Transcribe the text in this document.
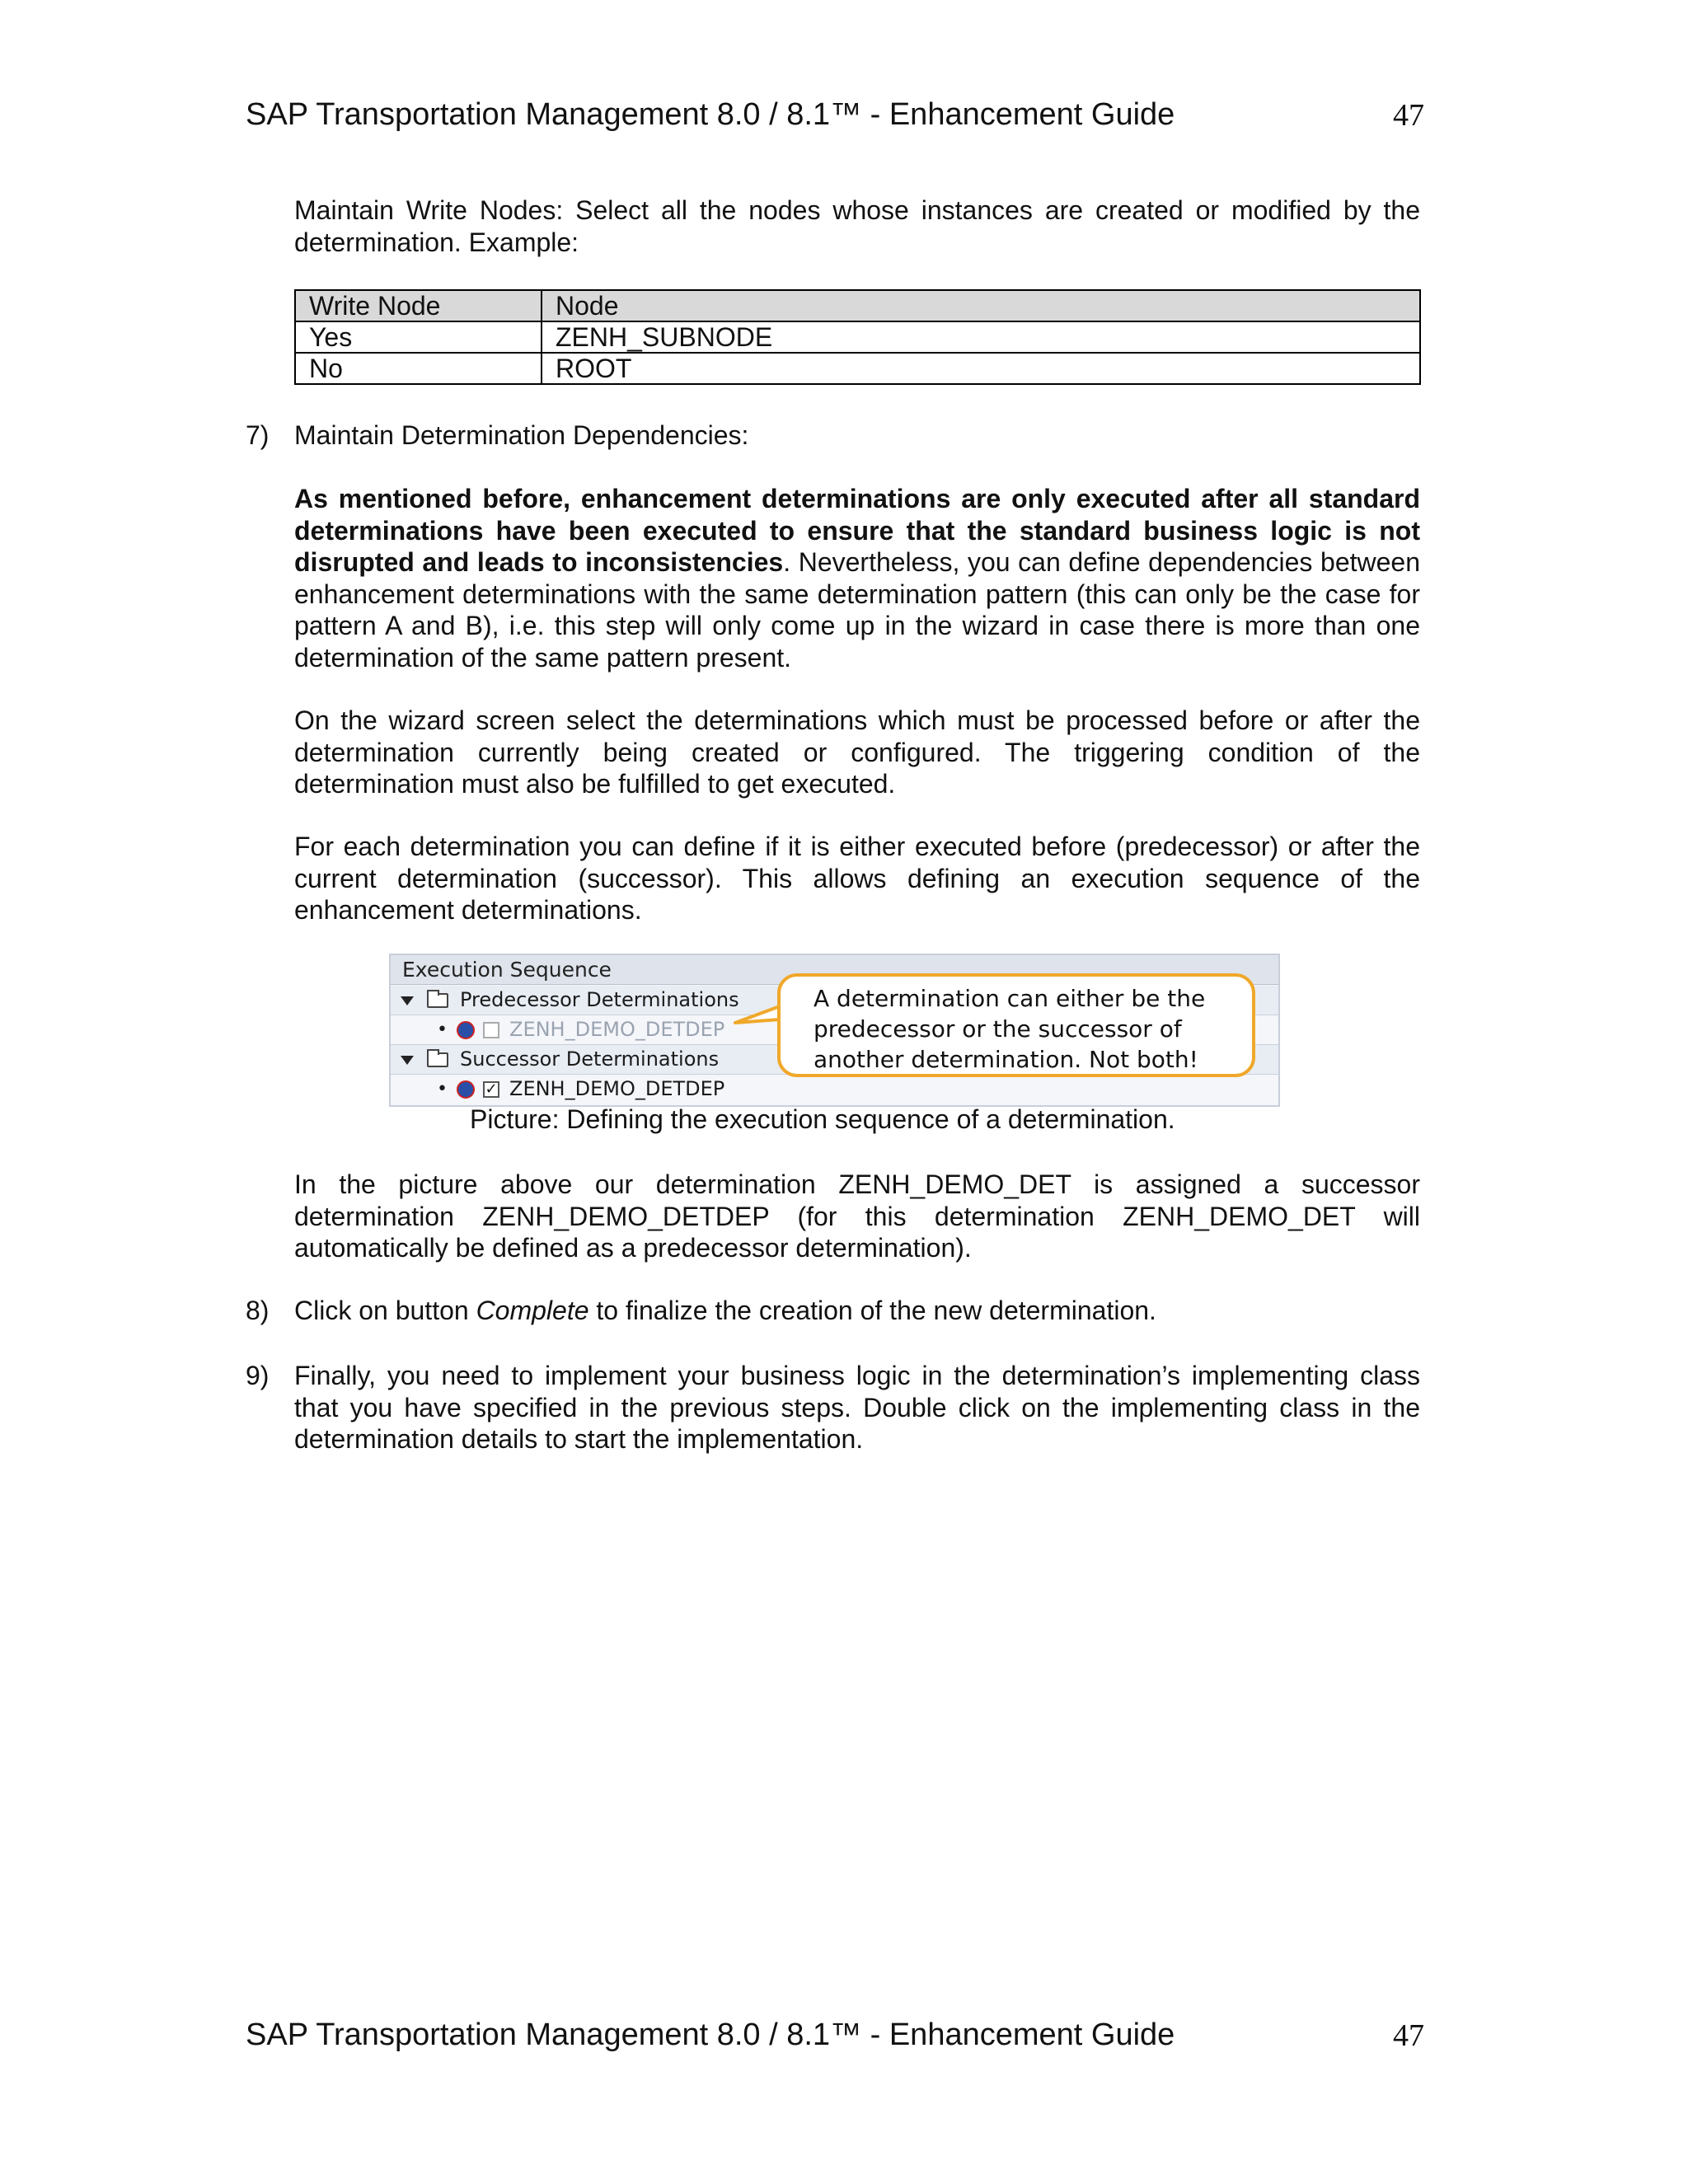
SAP Transportation Management 8.0 / 8.1™ - Enhancement Guide	47
Maintain Write Nodes: Select all the nodes whose instances are created or modified by the determination. Example:
Write Node	Node
Yes	ZENH_SUBNODE
No	ROOT
7) Maintain Determination Dependencies:
As mentioned before, enhancement determinations are only executed after all standard determinations have been executed to ensure that the standard business logic is not disrupted and leads to inconsistencies. Nevertheless, you can define dependencies between enhancement determinations with the same determination pattern (this can only be the case for pattern A and B), i.e. this step will only come up in the wizard in case there is more than one determination of the same pattern present.
On the wizard screen select the determinations which must be processed before or after the determination currently being created or configured. The triggering condition of the determination must also be fulfilled to get executed.
For each determination you can define if it is either executed before (predecessor) or after the current determination (successor). This allows defining an execution sequence of the enhancement determinations.
Execution Sequence
Predecessor Determinations
•	ZENH_DEMO_DETDEP
Successor Determinations
•	✓ ZENH_DEMO_DETDEP
A determination can either be the
predecessor or the successor of
another determination. Not both!
Picture: Defining the execution sequence of a determination.
In the picture above our determination ZENH_DEMO_DET is assigned a successor determination ZENH_DEMO_DETDEP (for this determination ZENH_DEMO_DET will automatically be defined as a predecessor determination).
8) Click on button Complete to finalize the creation of the new determination.
9) Finally, you need to implement your business logic in the determination’s implementing class that you have specified in the previous steps. Double click on the implementing class in the determination details to start the implementation.
SAP Transportation Management 8.0 / 8.1™ - Enhancement Guide	47
